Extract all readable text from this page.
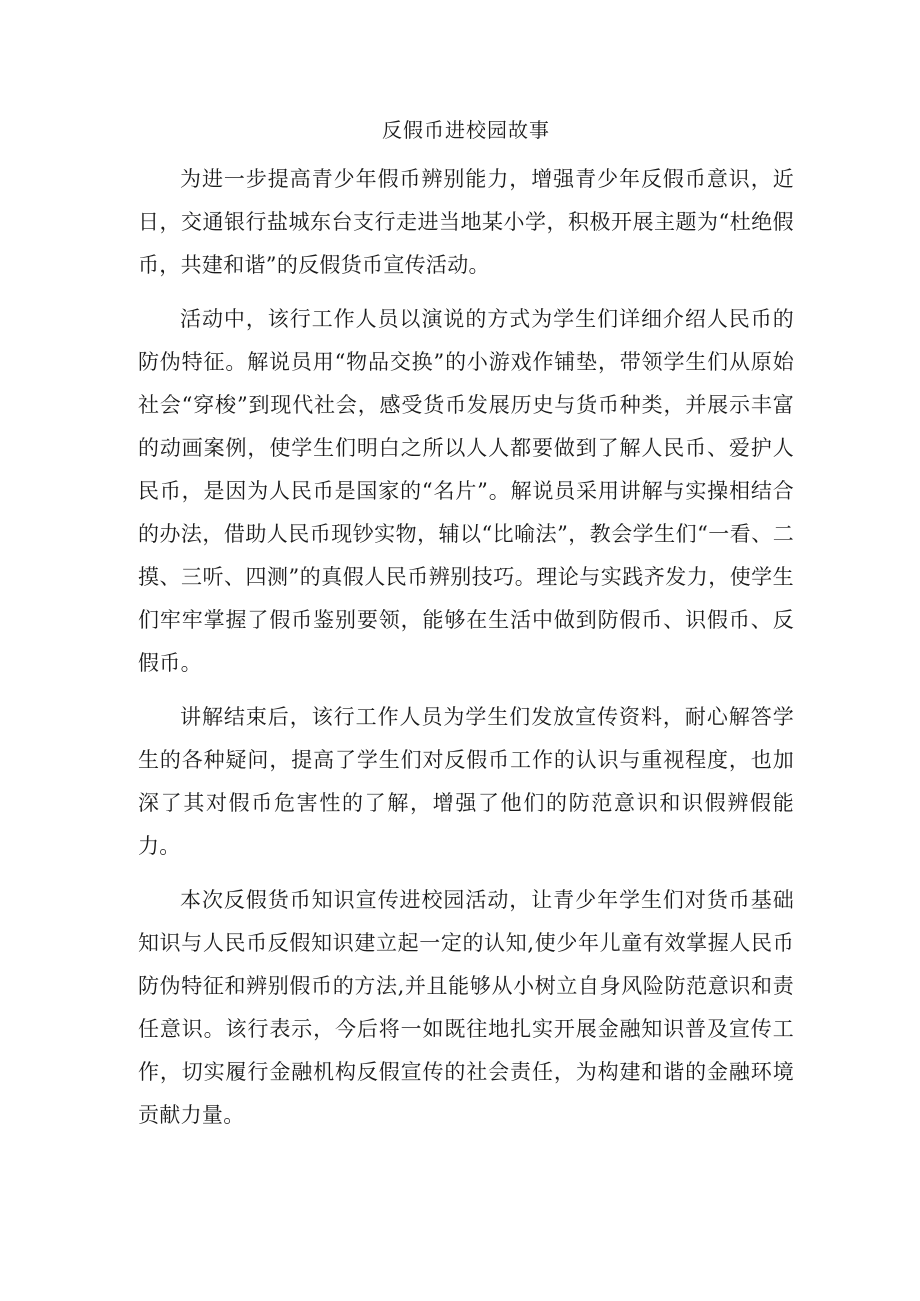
反假币进校园故事

为进一步提高青少年假币辨别能力，增强青少年反假币意识，近日，交通银行盐城东台支行走进当地某小学，积极开展主题为“杜绝假币，共建和谐”的反假货币宣传活动。

活动中，该行工作人员以演说的方式为学生们详细介绍人民币的防伪特征。解说员用“物品交换”的小游戏作铺垫，带领学生们从原始社会“穿梭”到现代社会，感受货币发展历史与货币种类，并展示丰富的动画案例，使学生们明白之所以人人都要做到了解人民币、爱护人民币，是因为人民币是国家的“名片”。解说员采用讲解与实操相结合的办法，借助人民币现钞实物，辅以“比喻法”，教会学生们“一看、二摸、三听、四测”的真假人民币辨别技巧。理论与实践齐发力，使学生们牢牢掌握了假币鉴别要领，能够在生活中做到防假币、识假币、反假币。

讲解结束后，该行工作人员为学生们发放宣传资料，耐心解答学生的各种疑问，提高了学生们对反假币工作的认识与重视程度，也加深了其对假币危害性的了解，增强了他们的防范意识和识假辨假能力。

本次反假货币知识宣传进校园活动，让青少年学生们对货币基础知识与人民币反假知识建立起一定的认知,使少年儿童有效掌握人民币防伪特征和辨别假币的方法,并且能够从小树立自身风险防范意识和责任意识。该行表示，今后将一如既往地扎实开展金融知识普及宣传工作，切实履行金融机构反假宣传的社会责任，为构建和谐的金融环境贡献力量。
